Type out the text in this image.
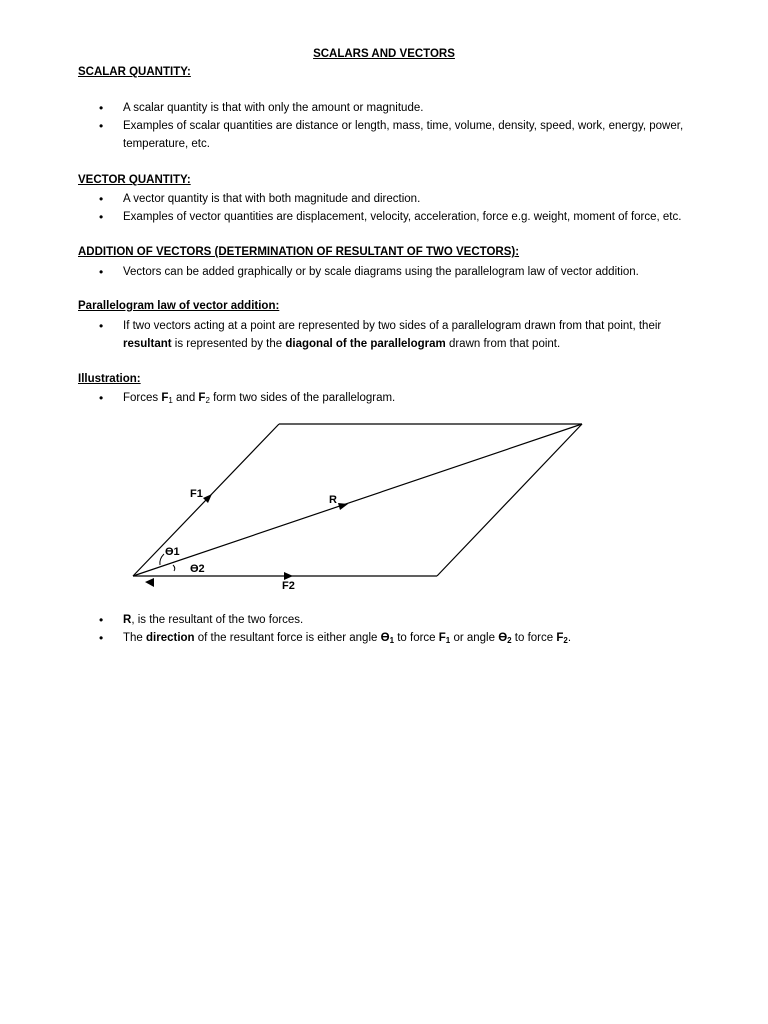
SCALARS AND VECTORS
SCALAR QUANTITY:
• A scalar quantity is that with only the amount or magnitude.
• Examples of scalar quantities are distance or length, mass, time, volume, density, speed, work, energy, power, temperature, etc.
VECTOR QUANTITY:
• A vector quantity is that with both magnitude and direction.
• Examples of vector quantities are displacement, velocity, acceleration, force e.g. weight, moment of force, etc.
ADDITION OF VECTORS (DETERMINATION OF RESULTANT OF TWO VECTORS):
• Vectors can be added graphically or by scale diagrams using the parallelogram law of vector addition.
Parallelogram law of vector addition:
• If two vectors acting at a point are represented by two sides of a parallelogram drawn from that point, their resultant is represented by the diagonal of the parallelogram drawn from that point.
Illustration:
• Forces $F_1$ and $F_2$ form two sides of the parallelogram.
F1	R
ϴ1
ϴ2
F2
• R, is the resultant of the two forces.
• The direction of the resultant force is either angle $ϴ_1$ to force $F_1$ or angle $ϴ_2$ to force $F_2$.
